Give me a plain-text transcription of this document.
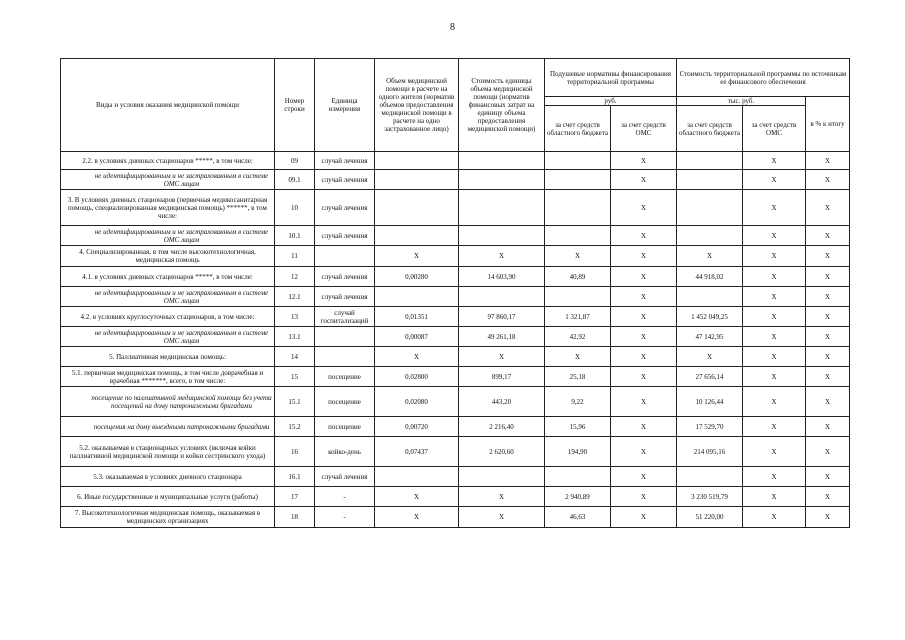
8
Виды и условия оказания медицинской помощи	Номер строки	Единица измерения	Объем медицинской помощи в расчете на одного жителя (норматив объемов предоставления медицинской помощи в расчете на одно застрахованное лицо)	Стоимость единицы объема медицинской помощи (норматив финансовых затрат на единицу объема предоставления медицинской помощи)	Подушевые нормативы финансирования территориальной программы		Стоимость территориальной программы по источникам ее финансового обеспечения		
					руб.		тыс. руб.		в % к итогу
					за счет средств областного бюджета	за счет средств ОМС	за счет средств областного бюджета	за счет средств ОМС	
2.2. в условиях дневных стационаров *****, в том числе:	09	случай лечения				X		X	X
не идентифицированным и не застрахованным в системе ОМС лицам	09.1	случай лечения				X		X	X
3. В условиях дневных стационаров (первичная медикосанитарная помощь, специализированная медицинская помощь) ******, в том числе:	10	случай лечения				X		X	X
не идентифицированным и не застрахованным в системе ОМС лицам	10.1	случай лечения				X		X	X
4. Специализированная, в том числе высокотехнологичная, медицинская помощь	11		X	X	X	X	X	X	X
4.1. в условиях дневных стационаров *****, в том числе:	12	случай лечения	0,00280	14 603,90	40,89	X	44 918,02	X	X
не идентифицированным и не застрахованным в системе ОМС лицам	12.1	случай лечения				X		X	X
4.2. в условиях круглосуточных стационаров, в том числе:	13	случай госпитализаций	0,01351	97 860,17	1 321,87	X	1 452 049,25	X	X
не идентифицированным и не застрахованным в системе ОМС лицам	13.1		0,00087	49 261,18	42,92	X	47 142,95	X	X
5. Паллиативная медицинская помощь:	14		X	X	X	X	X	X	X
5.1. первичная медицинская помощь, в том числе доврачебная и врачебная *******, всего, в том числе:	15	посещение	0,02800	899,17	25,18	X	27 656,14	X	X
посещение по паллиативной медицинской помощи без учета посещений на дому патронажными бригадами	15.1	посещение	0,02080	443,20	9,22	X	10 126,44	X	X
посещения на дому выездными патронажными бригадами	15.2	посещение	0,00720	2 216,40	15,96	X	17 529,70	X	X
5.2. оказываемая в стационарных условиях (включая койки паллиативной медицинской помощи и койки сестринского ухода)	16	койко-день	0,07437	2 620,60	194,90	X	214 095,16	X	X
5.3. оказываемая в условиях дневного стационара	16.1	случай лечения				X		X	X
6. Иные государственные и муниципальные услуги (работы)	17	-	X	X	2 940,89	X	3 230 519,79	X	X
7. Высокотехнологичная медицинская помощь, оказываемая в медицинских организациях	18	-	X	X	46,63	X	51 220,00	X	X
